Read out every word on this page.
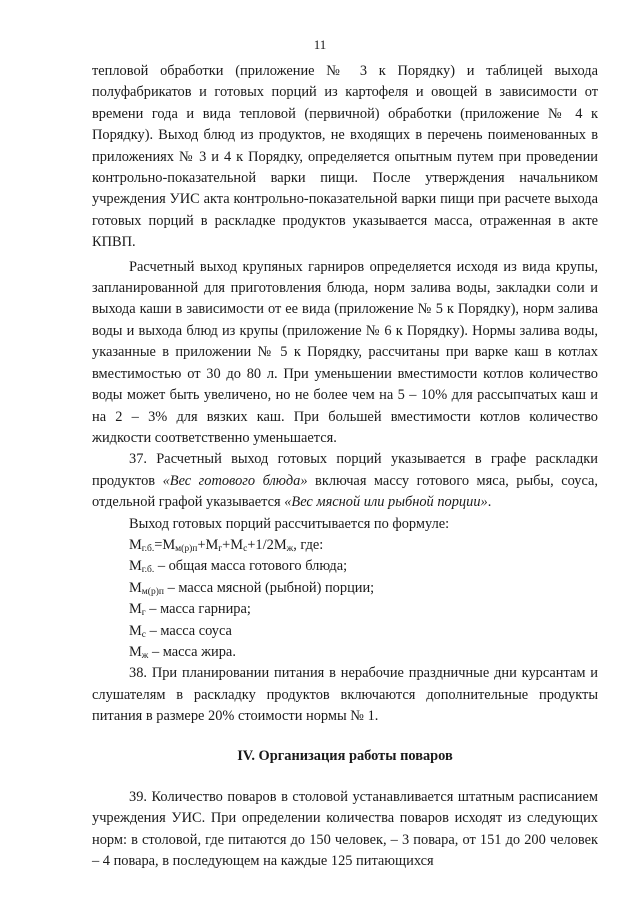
11

тепловой обработки (приложение № 3 к Порядку) и таблицей выхода полуфабрикатов и готовых порций из картофеля и овощей в зависимости от времени года и вида тепловой (первичной) обработки (приложение № 4 к Порядку). Выход блюд из продуктов, не входящих в перечень поименованных в приложениях № 3 и 4 к Порядку, определяется опытным путем при проведении контрольно-показательной варки пищи. После утверждения начальником учреждения УИС акта контрольно-показательной варки пищи при расчете выхода готовых порций в раскладке продуктов указывается масса, отраженная в акте КПВП.

Расчетный выход крупяных гарниров определяется исходя из вида крупы, запланированной для приготовления блюда, норм залива воды, закладки соли и выхода каши в зависимости от ее вида (приложение № 5 к Порядку), норм залива воды и выхода блюд из крупы (приложение № 6 к Порядку). Нормы залива воды, указанные в приложении № 5 к Порядку, рассчитаны при варке каш в котлах вместимостью от 30 до 80 л. При уменьшении вместимости котлов количество воды может быть увеличено, но не более чем на 5 – 10% для рассыпчатых каш и на 2 – 3% для вязких каш. При большей вместимости котлов количество жидкости соответственно уменьшается.

37. Расчетный выход готовых порций указывается в графе раскладки продуктов «Вес готового блюда» включая массу готового мяса, рыбы, соуса, отдельной графой указывается «Вес мясной или рыбной порции».

Выход готовых порций рассчитывается по формуле:

$М_{г.б.}=М_{м(р)п}+М_г+М_с+1/2М_ж$, где:

$М_{г.б.}$ – общая масса готового блюда;

$М_{м(р)п}$ – масса мясной (рыбной) порции;

$М_г$ – масса гарнира;

$М_с$ – масса соуса

$М_ж$ – масса жира.

38. При планировании питания в нерабочие праздничные дни курсантам и слушателям в раскладку продуктов включаются дополнительные продукты питания в размере 20% стоимости нормы № 1.

IV. Организация работы поваров

39. Количество поваров в столовой устанавливается штатным расписанием учреждения УИС. При определении количества поваров исходят из следующих норм: в столовой, где питаются до 150 человек, – 3 повара, от 151 до 200 человек – 4 повара, в последующем на каждые 125 питающихся
